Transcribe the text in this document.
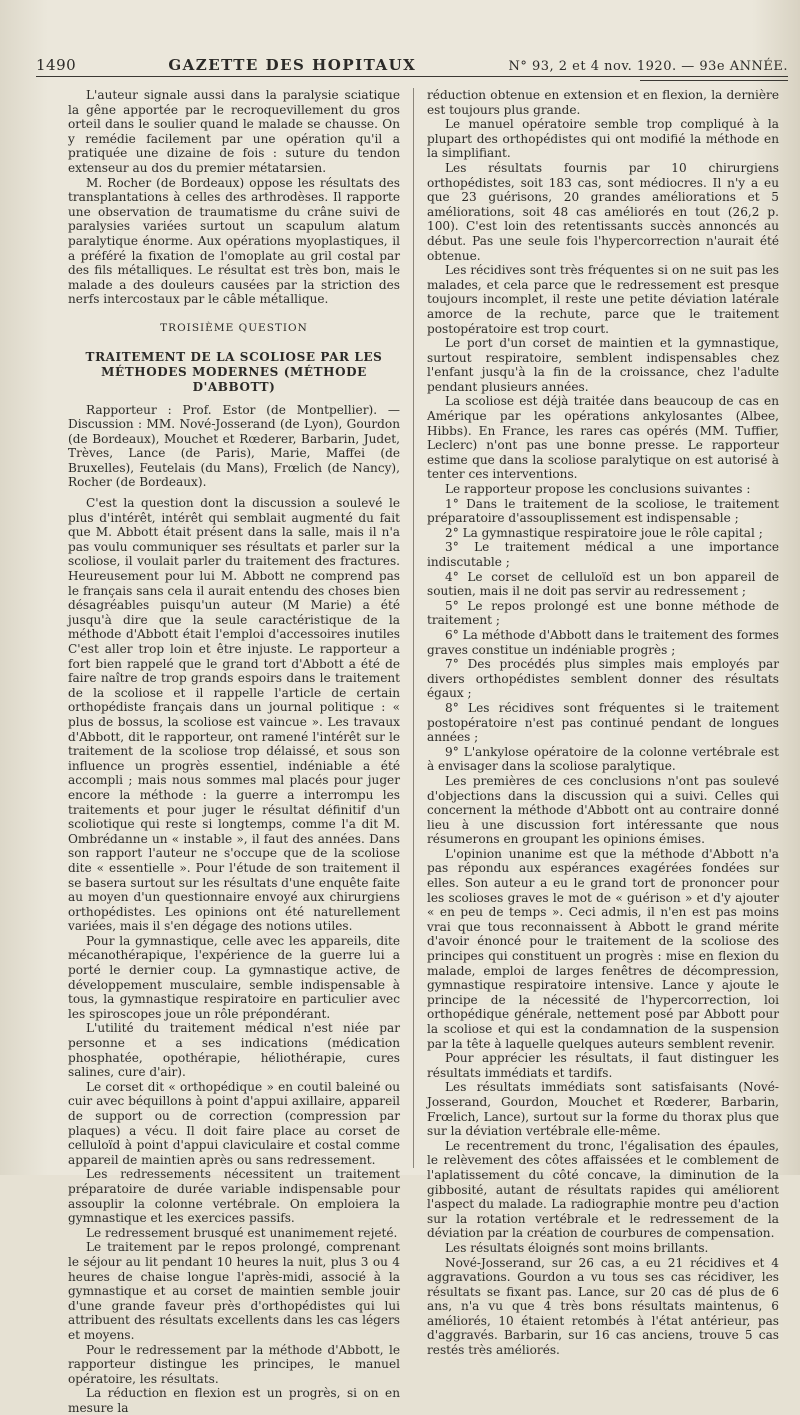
1490	GAZETTE DES HOPITAUX	N° 93, 2 et 4 nov. 1920. — 93e ANNÉE.

L'auteur signale aussi dans la paralysie sciatique la gêne apportée par le recroquevillement du gros orteil dans le soulier quand le malade se chausse. On y remédie facilement par une opération qu'il a pratiquée une dizaine de fois : suture du tendon extenseur au dos du premier métatarsien.

M. Rocher (de Bordeaux) oppose les résultats des transplantations à celles des arthrodèses. Il rapporte une observation de traumatisme du crâne suivi de paralysies variées surtout un scapulum alatum paralytique énorme. Aux opérations myoplastiques, il a préféré la fixation de l'omoplate au gril costal par des fils métalliques. Le résultat est très bon, mais le malade a des douleurs causées par la striction des nerfs intercostaux par le câble métallique.

TROISIÈME QUESTION
TRAITEMENT DE LA SCOLIOSE PAR LES MÉTHODES MODERNES (MÉTHODE D'ABBOTT)

Rapporteur : Prof. Estor (de Montpellier). — Discussion : MM. Nové-Josserand (de Lyon), Gourdon (de Bordeaux), Mouchet et Rœderer, Barbarin, Judet, Trèves, Lance (de Paris), Marie, Maffei (de Bruxelles), Feutelais (du Mans), Frœlich (de Nancy), Rocher (de Bordeaux).

C'est la question dont la discussion a soulevé le plus d'intérêt, intérêt qui semblait augmenté du fait que M. Abbott était présent dans la salle, mais il n'a pas voulu communiquer ses résultats et parler sur la scoliose, il voulait parler du traitement des fractures. Heureusement pour lui M. Abbott ne comprend pas le français sans cela il aurait entendu des choses bien désagréables puisqu'un auteur (M Marie) a été jusqu'à dire que la seule caractéristique de la méthode d'Abbott était l'emploi d'accessoires inutiles C'est aller trop loin et être injuste. Le rapporteur a fort bien rappelé que le grand tort d'Abbott a été de faire naître de trop grands espoirs dans le traitement de la scoliose et il rappelle l'article de certain orthopédiste français dans un journal politique : « plus de bossus, la scoliose est vaincue ». Les travaux d'Abbott, dit le rapporteur, ont ramené l'intérêt sur le traitement de la scoliose trop délaissé, et sous son influence un progrès essentiel, indéniable a été accompli ; mais nous sommes mal placés pour juger encore la méthode : la guerre a interrompu les traitements et pour juger le résultat définitif d'un scoliotique qui reste si longtemps, comme l'a dit M. Ombrédanne un « instable », il faut des années. Dans son rapport l'auteur ne s'occupe que de la scoliose dite « essentielle ». Pour l'étude de son traitement il se basera surtout sur les résultats d'une enquête faite au moyen d'un questionnaire envoyé aux chirurgiens orthopédistes. Les opinions ont été naturellement variées, mais il s'en dégage des notions utiles.

Pour la gymnastique, celle avec les appareils, dite mécanothérapique, l'expérience de la guerre lui a porté le dernier coup. La gymnastique active, de développement musculaire, semble indispensable à tous, la gymnastique respiratoire en particulier avec les spiroscopes joue un rôle prépondérant.

L'utilité du traitement médical n'est niée par personne et a ses indications (médication phosphatée, opothérapie, héliothérapie, cures salines, cure d'air).

Le corset dit « orthopédique » en coutil baleiné ou cuir avec béquillons à point d'appui axillaire, appareil de support ou de correction (compression par plaques) a vécu. Il doit faire place au corset de celluloïd à point d'appui claviculaire et costal comme appareil de maintien après ou sans redressement.

Les redressements nécessitent un traitement préparatoire de durée variable indispensable pour assouplir la colonne vertébrale. On emploiera la gymnastique et les exercices passifs.

Le redressement brusqué est unanimement rejeté.

Le traitement par le repos prolongé, comprenant le séjour au lit pendant 10 heures la nuit, plus 3 ou 4 heures de chaise longue l'après-midi, associé à la gymnastique et au corset de maintien semble jouir d'une grande faveur près d'orthopédistes qui lui attribuent des résultats excellents dans les cas légers et moyens.

Pour le redressement par la méthode d'Abbott, le rapporteur distingue les principes, le manuel opératoire, les résultats.

La réduction en flexion est un progrès, si on en mesure la

réduction obtenue en extension et en flexion, la dernière est toujours plus grande.

Le manuel opératoire semble trop compliqué à la plupart des orthopédistes qui ont modifié la méthode en la simplifiant.

Les résultats fournis par 10 chirurgiens orthopédistes, soit 183 cas, sont médiocres. Il n'y a eu que 23 guérisons, 20 grandes améliorations et 5 améliorations, soit 48 cas améliorés en tout (26,2 p. 100). C'est loin des retentissants succès annoncés au début. Pas une seule fois l'hypercorrection n'aurait été obtenue.

Les récidives sont très fréquentes si on ne suit pas les malades, et cela parce que le redressement est presque toujours incomplet, il reste une petite déviation latérale amorce de la rechute, parce que le traitement postopératoire est trop court.

Le port d'un corset de maintien et la gymnastique, surtout respiratoire, semblent indispensables chez l'enfant jusqu'à la fin de la croissance, chez l'adulte pendant plusieurs années.

La scoliose est déjà traitée dans beaucoup de cas en Amérique par les opérations ankylosantes (Albee, Hibbs). En France, les rares cas opérés (MM. Tuffier, Leclerc) n'ont pas une bonne presse. Le rapporteur estime que dans la scoliose paralytique on est autorisé à tenter ces interventions.

Le rapporteur propose les conclusions suivantes :

1° Dans le traitement de la scoliose, le traitement préparatoire d'assouplissement est indispensable ;

2° La gymnastique respiratoire joue le rôle capital ;

3° Le traitement médical a une importance indiscutable ;

4° Le corset de celluloïd est un bon appareil de soutien, mais il ne doit pas servir au redressement ;

5° Le repos prolongé est une bonne méthode de traitement ;

6° La méthode d'Abbott dans le traitement des formes graves constitue un indéniable progrès ;

7° Des procédés plus simples mais employés par divers orthopédistes semblent donner des résultats égaux ;

8° Les récidives sont fréquentes si le traitement postopératoire n'est pas continué pendant de longues années ;

9° L'ankylose opératoire de la colonne vertébrale est à envisager dans la scoliose paralytique.

Les premières de ces conclusions n'ont pas soulevé d'objections dans la discussion qui a suivi. Celles qui concernent la méthode d'Abbott ont au contraire donné lieu à une discussion fort intéressante que nous résumerons en groupant les opinions émises.

L'opinion unanime est que la méthode d'Abbott n'a pas répondu aux espérances exagérées fondées sur elles. Son auteur a eu le grand tort de prononcer pour les scolioses graves le mot de « guérison » et d'y ajouter « en peu de temps ». Ceci admis, il n'en est pas moins vrai que tous reconnaissent à Abbott le grand mérite d'avoir énoncé pour le traitement de la scoliose des principes qui constituent un progrès : mise en flexion du malade, emploi de larges fenêtres de décompression, gymnastique respiratoire intensive. Lance y ajoute le principe de la nécessité de l'hypercorrection, loi orthopédique générale, nettement posé par Abbott pour la scoliose et qui est la condamnation de la suspension par la tête à laquelle quelques auteurs semblent revenir.

Pour apprécier les résultats, il faut distinguer les résultats immédiats et tardifs.

Les résultats immédiats sont satisfaisants (Nové-Josserand, Gourdon, Mouchet et Rœderer, Barbarin, Frœlich, Lance), surtout sur la forme du thorax plus que sur la déviation vertébrale elle-même.

Le recentrement du tronc, l'égalisation des épaules, le relèvement des côtes affaissées et le comblement de l'aplatissement du côté concave, la diminution de la gibbosité, autant de résultats rapides qui améliorent l'aspect du malade. La radiographie montre peu d'action sur la rotation vertébrale et le redressement de la déviation par la création de courbures de compensation.

Les résultats éloignés sont moins brillants.

Nové-Josserand, sur 26 cas, a eu 21 récidives et 4 aggravations. Gourdon a vu tous ses cas récidiver, les résultats se fixant pas. Lance, sur 20 cas dé plus de 6 ans, n'a vu que 4 très bons résultats maintenus, 6 améliorés, 10 étaient retombés à l'état antérieur, pas d'aggravés. Barbarin, sur 16 cas anciens, trouve 5 cas restés très améliorés.
